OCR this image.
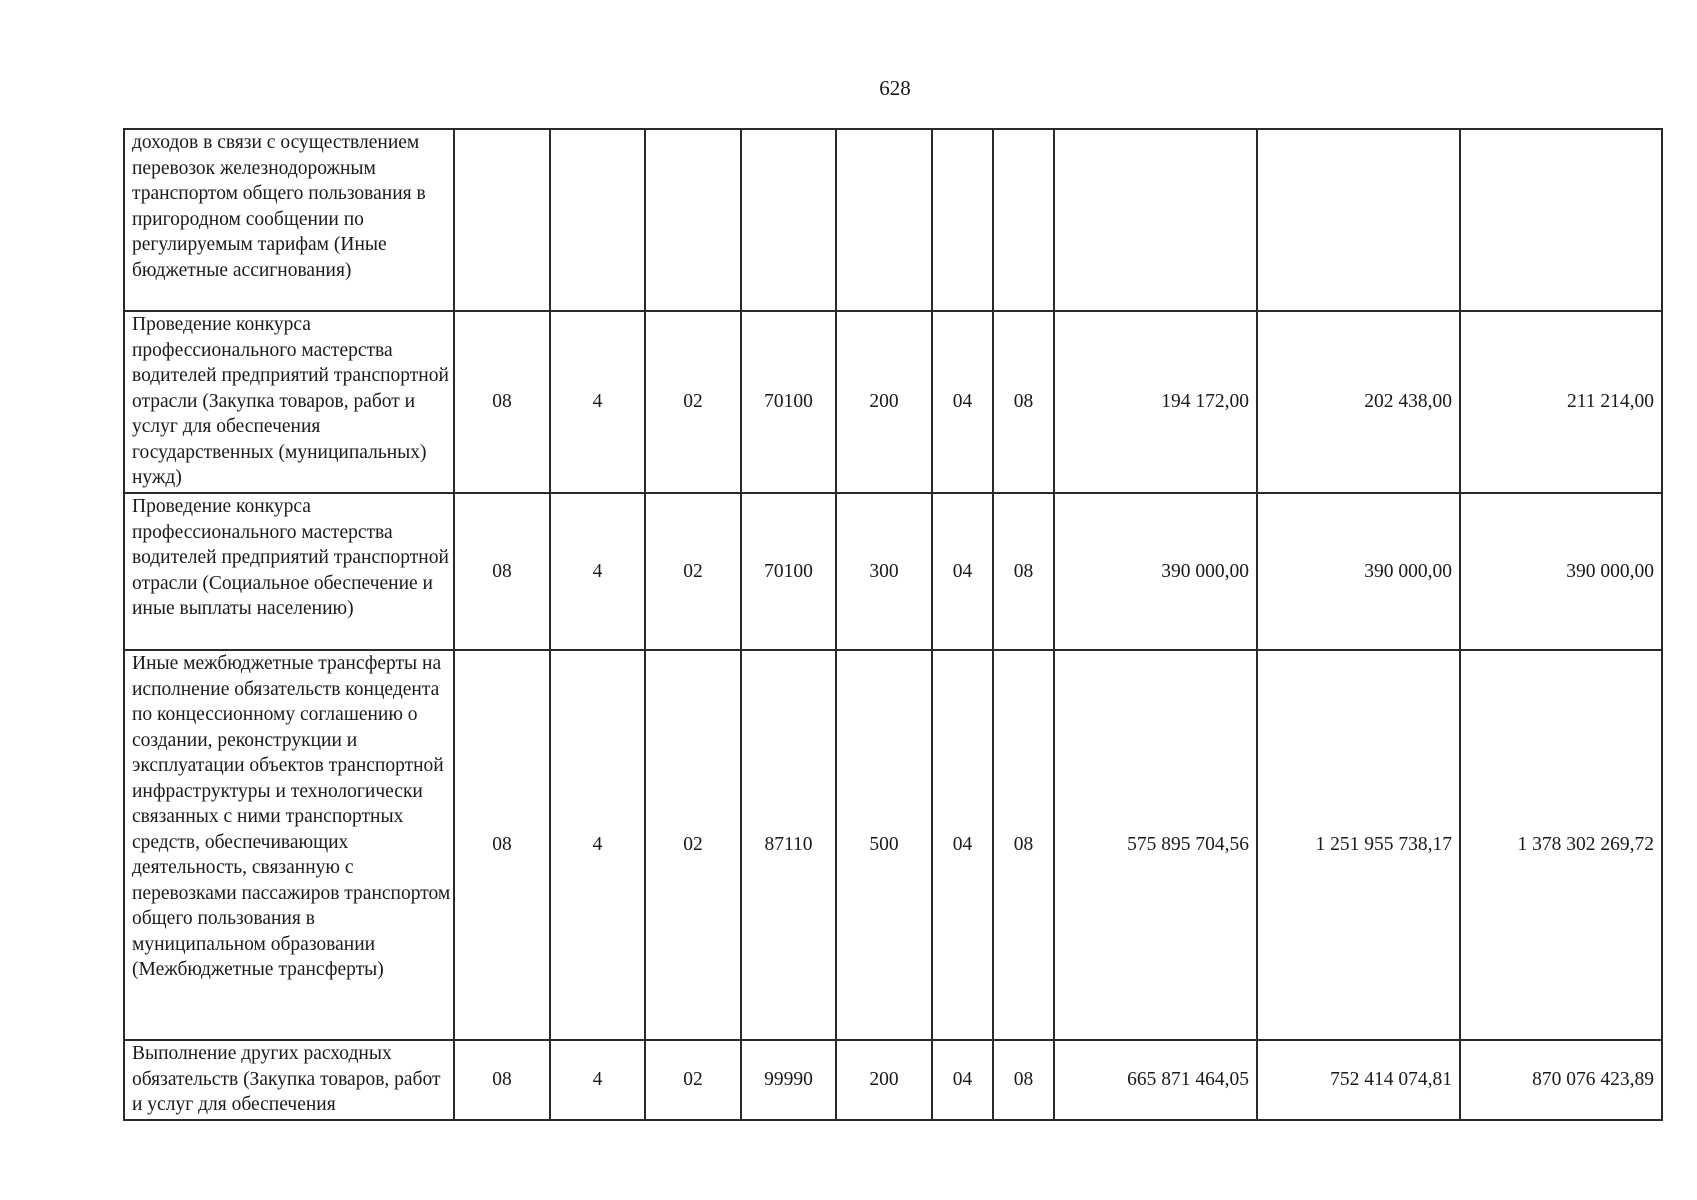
628
доходов в связи с осуществлением перевозок железнодорожным транспортом общего пользования в пригородном сообщении по регулируемым тарифам (Иные бюджетные ассигнования)										
Проведение конкурса профессионального мастерства водителей предприятий транспортной отрасли (Закупка товаров, работ и услуг для обеспечения государственных (муниципальных) нужд)	08	4	02	70100	200	04	08	194 172,00	202 438,00	211 214,00
Проведение конкурса профессионального мастерства водителей предприятий транспортной отрасли (Социальное обеспечение и иные выплаты населению)	08	4	02	70100	300	04	08	390 000,00	390 000,00	390 000,00
Иные межбюджетные трансферты на исполнение обязательств концедента по концессионному соглашению о создании, реконструкции и эксплуатации объектов транспортной инфраструктуры и технологически связанных с ними транспортных средств, обеспечивающих деятельность, связанную с перевозками пассажиров транспортом общего пользования в муниципальном образовании (Межбюджетные трансферты)	08	4	02	87110	500	04	08	575 895 704,56	1 251 955 738,17	1 378 302 269,72
Выполнение других расходных обязательств (Закупка товаров, работ и услуг для обеспечения	08	4	02	99990	200	04	08	665 871 464,05	752 414 074,81	870 076 423,89
